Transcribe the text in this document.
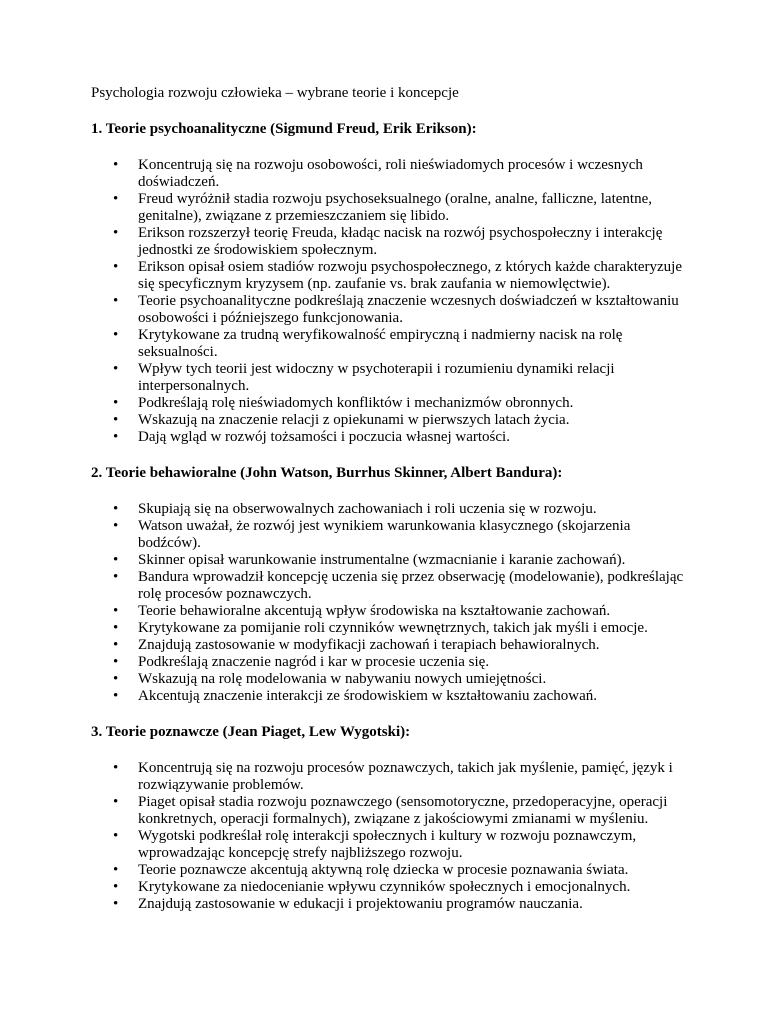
Psychologia rozwoju człowieka – wybrane teorie i koncepcje

1. Teorie psychoanalityczne (Sigmund Freud, Erik Erikson):

• Koncentrują się na rozwoju osobowości, roli nieświadomych procesów i wczesnych doświadczeń.
• Freud wyróżnił stadia rozwoju psychoseksualnego (oralne, analne, falliczne, latentne, genitalne), związane z przemieszczaniem się libido.
• Erikson rozszerzył teorię Freuda, kładąc nacisk na rozwój psychospołeczny i interakcję jednostki ze środowiskiem społecznym.
• Erikson opisał osiem stadiów rozwoju psychospołecznego, z których każde charakteryzuje się specyficznym kryzysem (np. zaufanie vs. brak zaufania w niemowlęctwie).
• Teorie psychoanalityczne podkreślają znaczenie wczesnych doświadczeń w kształtowaniu osobowości i późniejszego funkcjonowania.
• Krytykowane za trudną weryfikowalność empiryczną i nadmierny nacisk na rolę seksualności.
• Wpływ tych teorii jest widoczny w psychoterapii i rozumieniu dynamiki relacji interpersonalnych.
• Podkreślają rolę nieświadomych konfliktów i mechanizmów obronnych.
• Wskazują na znaczenie relacji z opiekunami w pierwszych latach życia.
• Dają wgląd w rozwój tożsamości i poczucia własnej wartości.

2. Teorie behawioralne (John Watson, Burrhus Skinner, Albert Bandura):

• Skupiają się na obserwowalnych zachowaniach i roli uczenia się w rozwoju.
• Watson uważał, że rozwój jest wynikiem warunkowania klasycznego (skojarzenia bodźców).
• Skinner opisał warunkowanie instrumentalne (wzmacnianie i karanie zachowań).
• Bandura wprowadził koncepcję uczenia się przez obserwację (modelowanie), podkreślając rolę procesów poznawczych.
• Teorie behawioralne akcentują wpływ środowiska na kształtowanie zachowań.
• Krytykowane za pomijanie roli czynników wewnętrznych, takich jak myśli i emocje.
• Znajdują zastosowanie w modyfikacji zachowań i terapiach behawioralnych.
• Podkreślają znaczenie nagród i kar w procesie uczenia się.
• Wskazują na rolę modelowania w nabywaniu nowych umiejętności.
• Akcentują znaczenie interakcji ze środowiskiem w kształtowaniu zachowań.

3. Teorie poznawcze (Jean Piaget, Lew Wygotski):

• Koncentrują się na rozwoju procesów poznawczych, takich jak myślenie, pamięć, język i rozwiązywanie problemów.
• Piaget opisał stadia rozwoju poznawczego (sensomotoryczne, przedoperacyjne, operacji konkretnych, operacji formalnych), związane z jakościowymi zmianami w myśleniu.
• Wygotski podkreślał rolę interakcji społecznych i kultury w rozwoju poznawczym, wprowadzając koncepcję strefy najbliższego rozwoju.
• Teorie poznawcze akcentują aktywną rolę dziecka w procesie poznawania świata.
• Krytykowane za niedocenianie wpływu czynników społecznych i emocjonalnych.
• Znajdują zastosowanie w edukacji i projektowaniu programów nauczania.
